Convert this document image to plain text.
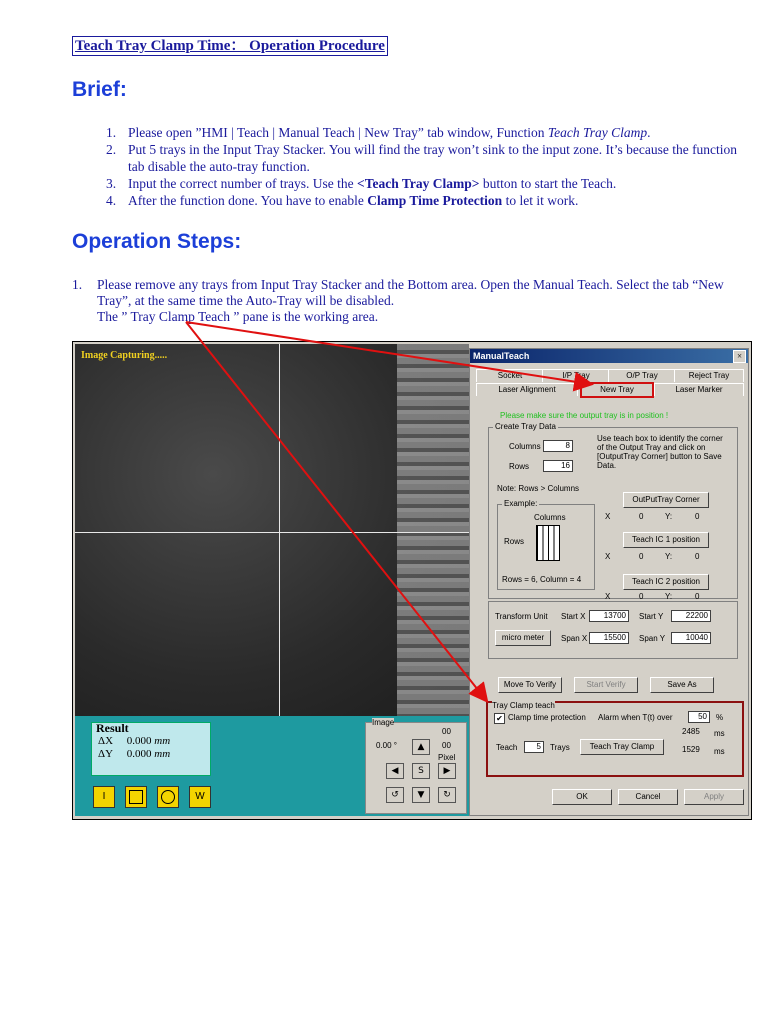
Teach Tray Clamp Time： Operation Procedure
Brief:
1. Please open ”HMI | Teach | Manual Teach | New Tray” tab window, Function Teach Tray Clamp.
2. Put 5 trays in the Input Tray Stacker. You will find the tray won’t sink to the input zone. It’s because the function tab disable the auto-tray function.
3. Input the correct number of trays. Use the <Teach Tray Clamp> button to start the Teach.
4. After the function done. You have to enable Clamp Time Protection to let it work.
Operation Steps:
1. Please remove any trays from Input Tray Stacker and the Bottom area. Open the Manual Teach. Select the tab “New Tray”, at the same time the Auto-Tray will be disabled.
The ” Tray Clamp Teach ” pane is the working area.
Image Capturing.....
Result
ΔX 0.000 mm
ΔY 0.000 mm
I	W
Image
0.00 °
00
00
Pixel
▲
◀	S	▶
↺	▼	↻
ManualTeach	×
Socket	I/P Tray	O/P Tray	Reject Tray
Laser Alignment	New Tray	Laser Marker
Please make sure the output tray is in position !
Create Tray Data
Columns	8
Rows	16
Note: Rows > Columns
Use teach box to identify the corner of the Output Tray and click on [OutputTray Corner] button to Save Data.
Example:
Columns
Rows
Rows = 6, Column = 4
OutPutTray Corner
X	0	Y:	0
Teach IC 1 position
X	0	Y:	0
Teach IC 2 position
X	0	Y:	0
Transform Unit Start X	13700	Start Y	22200
micro meter	Span X	15500	Span Y	10040
Move To Verify	Start Verify	Save As
Tray Clamp teach
✔ Clamp time protection Alarm when T(t) over	50	%
2485 ms
Teach	5	Trays	Teach Tray Clamp	1529 ms
OK	Cancel	Apply
